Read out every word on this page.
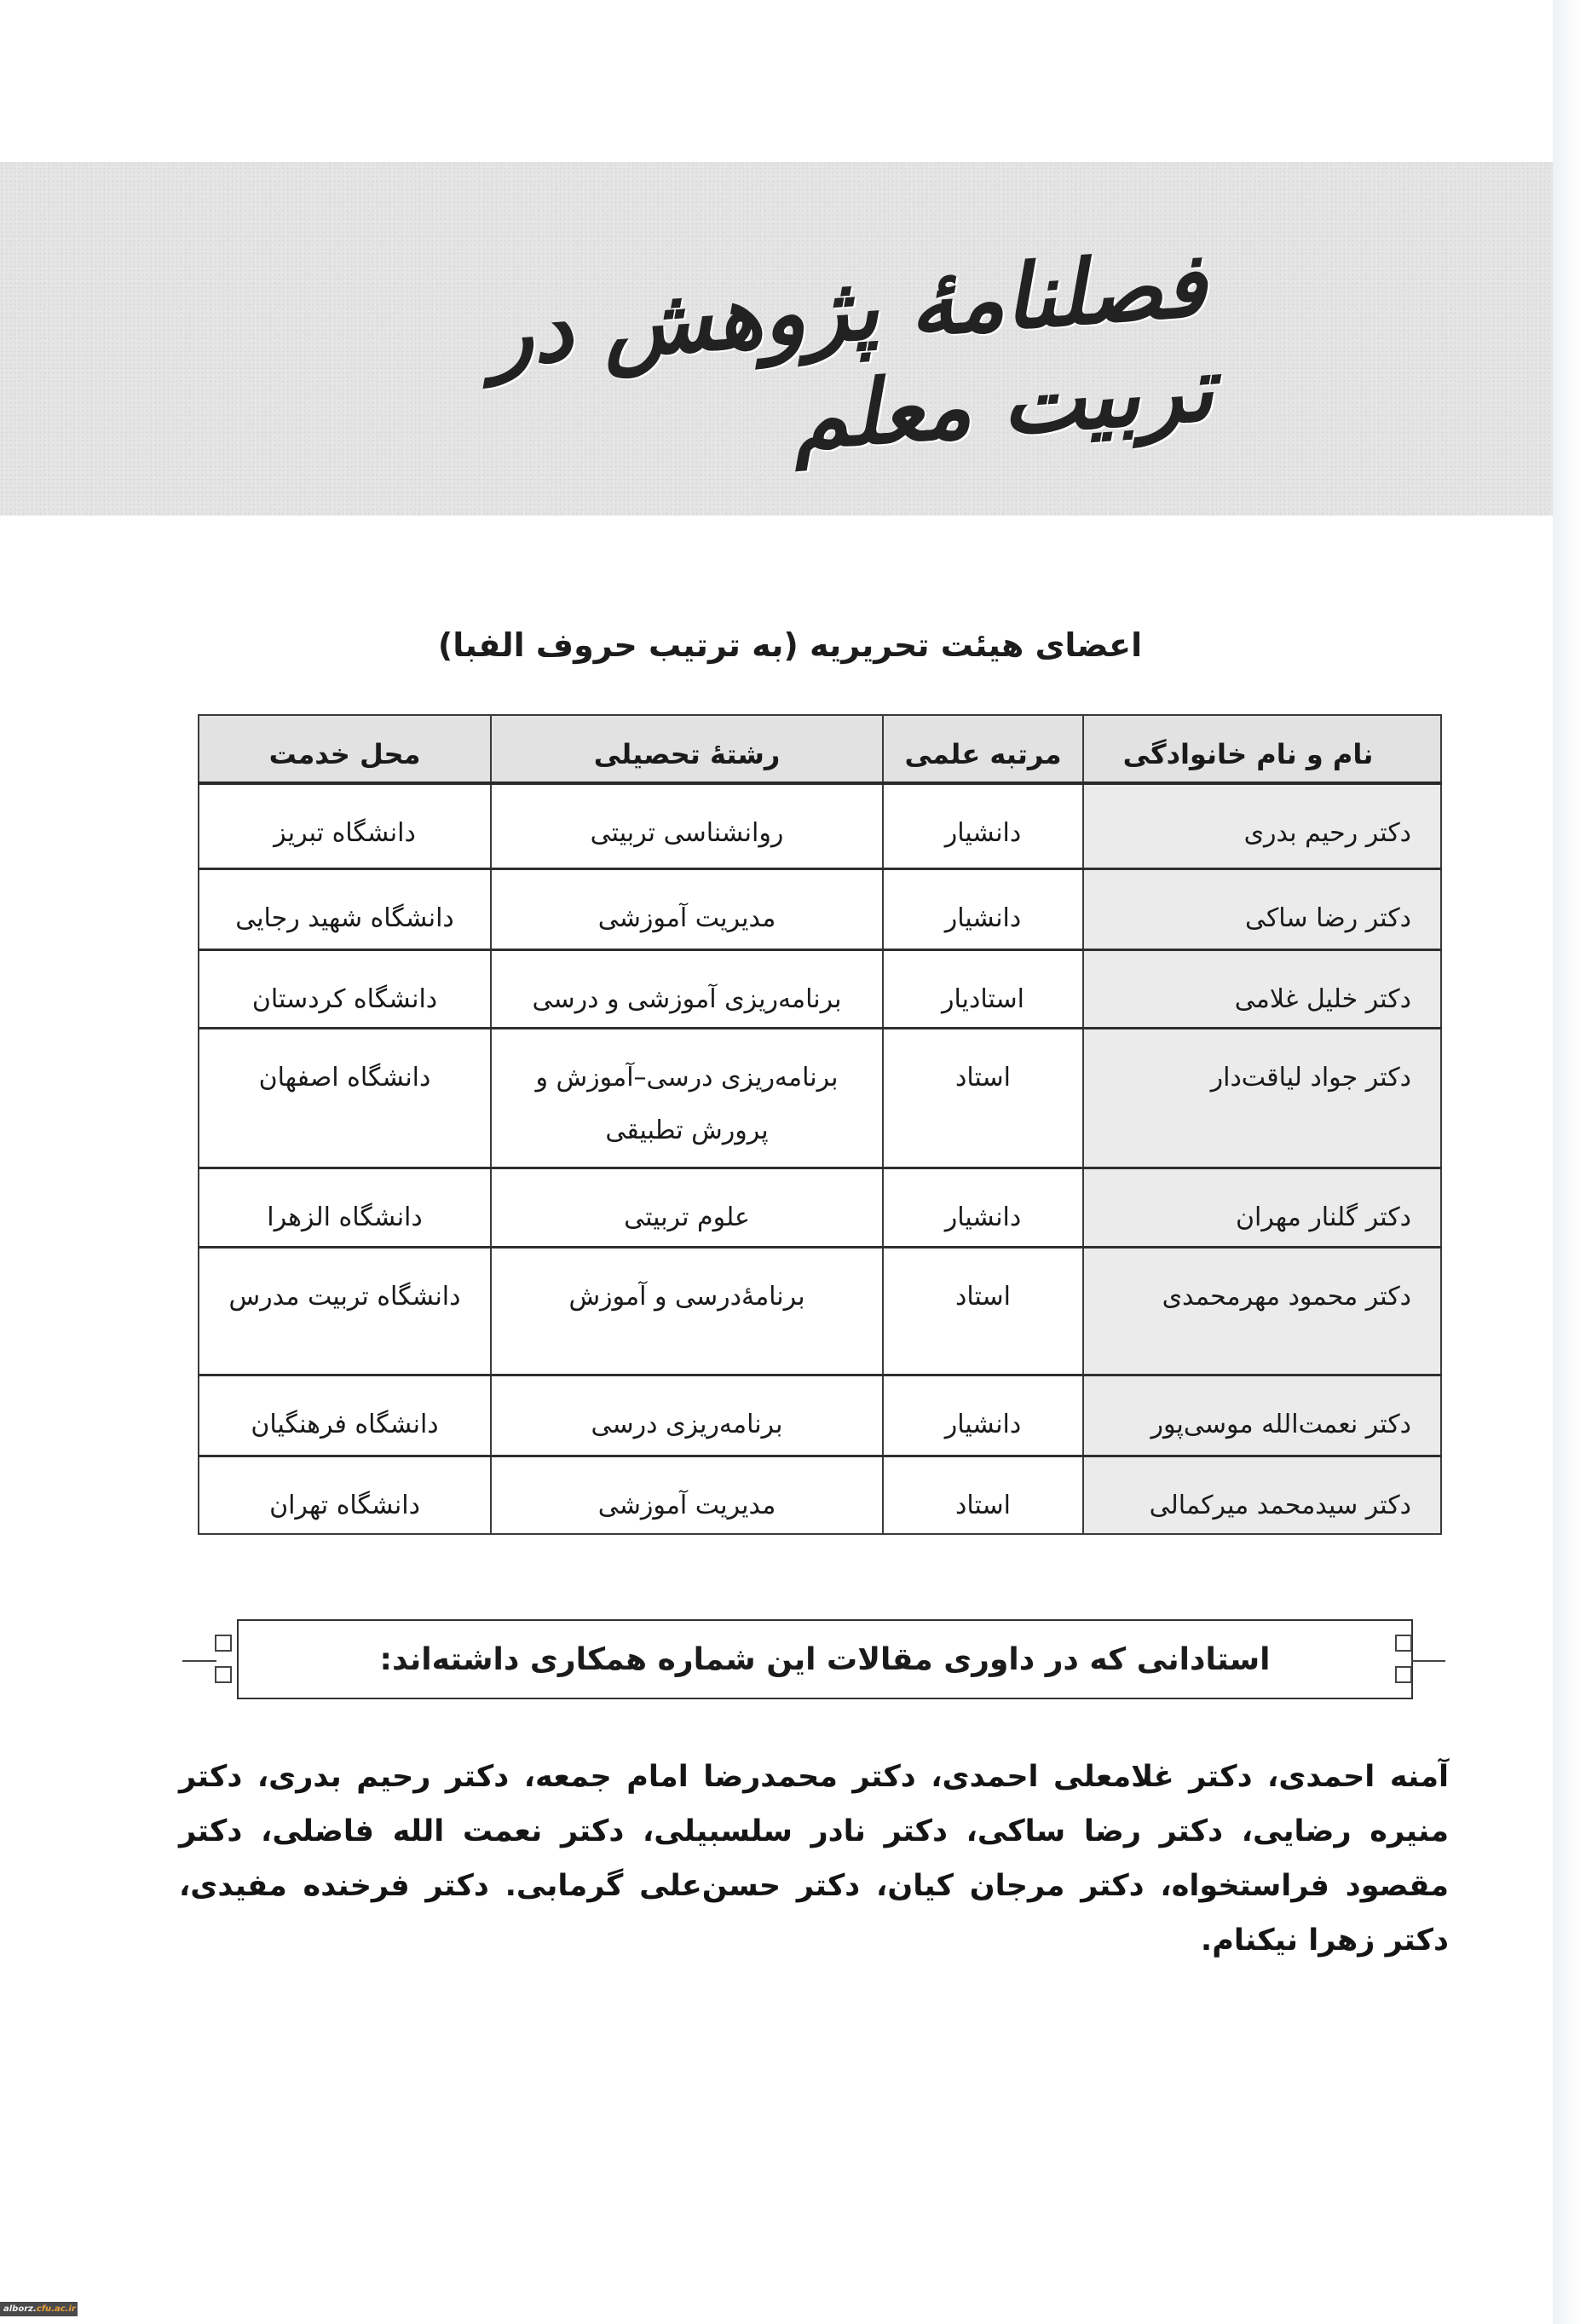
فصلنامهٔ پژوهش در تربیت معلم
اعضای هیئت تحریریه (به ترتیب حروف الفبا)
نام و نام خانوادگی	مرتبه علمی	رشتهٔ تحصیلی	محل خدمت
دکتر رحیم بدری	دانشیار	روانشناسی تربیتی	دانشگاه تبریز
دکتر رضا ساکی	دانشیار	مدیریت آموزشی	دانشگاه شهید رجایی
دکتر خلیل غلامی	استادیار	برنامه‌ریزی آموزشی و درسی	دانشگاه کردستان
دکتر جواد لیاقت‌دار	استاد	برنامه‌ریزی درسی–آموزش و پرورش تطبیقی	دانشگاه اصفهان
دکتر گلنار مهران	دانشیار	علوم تربیتی	دانشگاه الزهرا
دکتر محمود مهرمحمدی	استاد	برنامهٔ‌درسی و آموزش	دانشگاه تربیت مدرس
دکتر نعمت‌الله موسی‌پور	دانشیار	برنامه‌ریزی درسی	دانشگاه فرهنگیان
دکتر سیدمحمد میرکمالی	استاد	مدیریت آموزشی	دانشگاه تهران
استادانی که در داوری مقالات این شماره همکاری داشته‌اند:

آمنه احمدی، دکتر غلامعلی احمدی، دکتر محمدرضا امام جمعه، دکتر رحیم بدری، دکتر منیره رضایی، دکتر رضا ساکی، دکتر نادر سلسبیلی، دکتر نعمت الله فاضلی، دکتر مقصود فراستخواه، دکتر مرجان کیان، دکتر حسن‌علی گرمابی. دکتر فرخنده مفیدی، دکتر زهرا نیکنام.

alborz.cfu.ac.ir
